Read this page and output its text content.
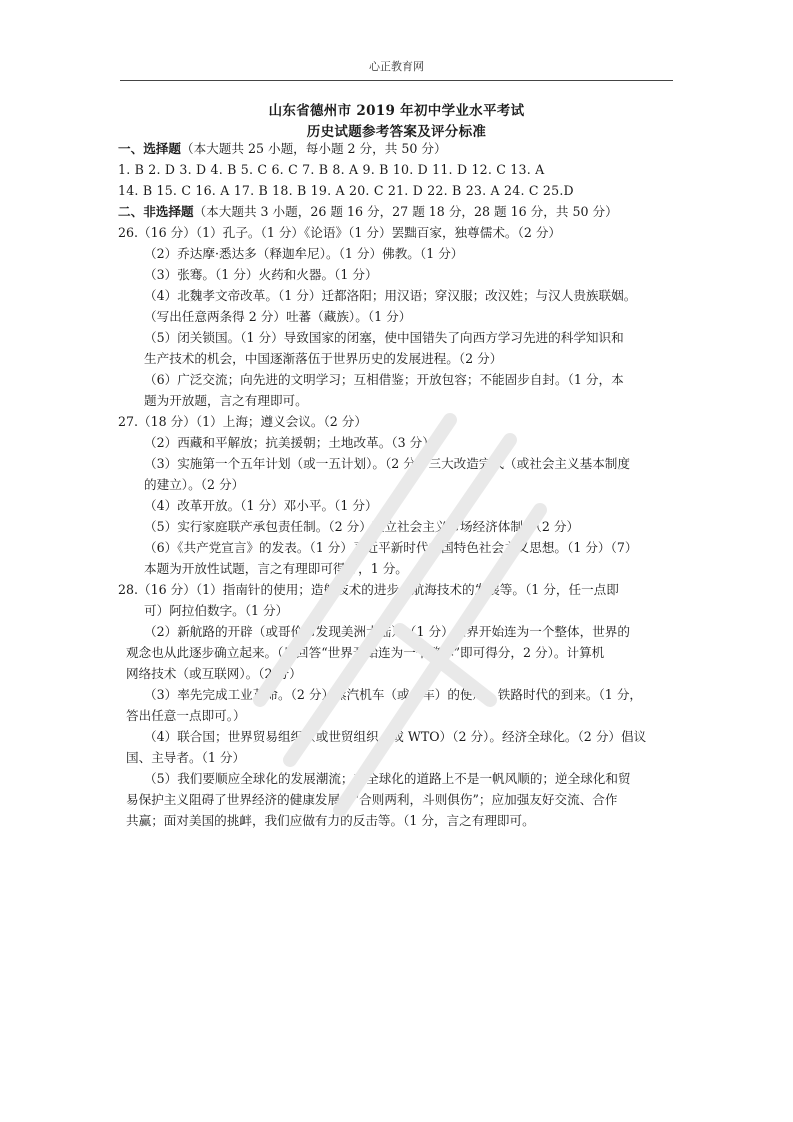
心正教育网
山东省德州市 2019 年初中学业水平考试
历史试题参考答案及评分标准
一、选择题（本大题共 25 小题，每小题 2 分，共 50 分）
1. B 2. D 3. D 4. B 5. C 6. C 7. B 8. A 9. B 10. D 11. D 12. C 13. A
14. B 15. C 16. A 17. B 18. B 19. A 20. C 21. D 22. B 23. A 24. C 25.D
二、非选择题（本大题共 3 小题，26 题 16 分，27 题 18 分，28 题 16 分，共 50 分）
26.（16 分）（1）孔子。（1 分）《论语》（1 分）罢黜百家，独尊儒术。（2 分）
（2）乔达摩·悉达多（释迦牟尼）。（1 分）佛教。（1 分）
（3）张骞。（1 分）火药和火器。（1 分）
（4）北魏孝文帝改革。（1 分）迁都洛阳；用汉语；穿汉服；改汉姓；与汉人贵族联姻。
（写出任意两条得 2 分）吐蕃（藏族）。（1 分）
（5）闭关锁国。（1 分）导致国家的闭塞，使中国错失了向西方学习先进的科学知识和
生产技术的机会，中国逐渐落伍于世界历史的发展进程。（2 分）
（6）广泛交流；向先进的文明学习；互相借鉴；开放包容；不能固步自封。（1 分，本
题为开放题，言之有理即可。
27.（18 分）（1）上海；遵义会议。（2 分）
（2）西藏和平解放；抗美援朝；土地改革。（3 分）
（3）实施第一个五年计划（或一五计划）。（2 分）三大改造完成（或社会主义基本制度
的建立）。（2 分）
（4）改革开放。（1 分）邓小平。（1 分）
（5）实行家庭联产承包责任制。（2 分）建立社会主义市场经济体制。（2 分）
（6）《共产党宣言》的发表。（1 分）习近平新时代中国特色社会主义思想。（1 分）（7）
本题为开放性试题，言之有理即可得分，1 分。
28.（16 分）（1）指南针的使用；造船技术的进步；航海技术的发展等。（1 分，任一点即
可）阿拉伯数字。（1 分）
（2）新航路的开辟（或哥伦布发现美洲大陆）。（1 分）世界开始连为一个整体，世界的
观念也从此逐步确立起来。（只回答“世界开始连为一个整体”即可得分，2 分）。计算机
网络技术（或互联网）。（2 分）
（3）率先完成工业革命。（2 分）蒸汽机车（或火车）的使用；铁路时代的到来。（1 分，
答出任意一点即可。）
（4）联合国；世界贸易组织（或世贸组织，或 WTO）（2 分）。经济全球化。（2 分）倡议
国、主导者。（1 分）
（5）我们要顺应全球化的发展潮流；在全球化的道路上不是一帆风顺的；逆全球化和贸
易保护主义阻碍了世界经济的健康发展；“合则两利，斗则俱伤”；应加强友好交流、合作
共赢；面对美国的挑衅，我们应做有力的反击等。（1 分，言之有理即可。
